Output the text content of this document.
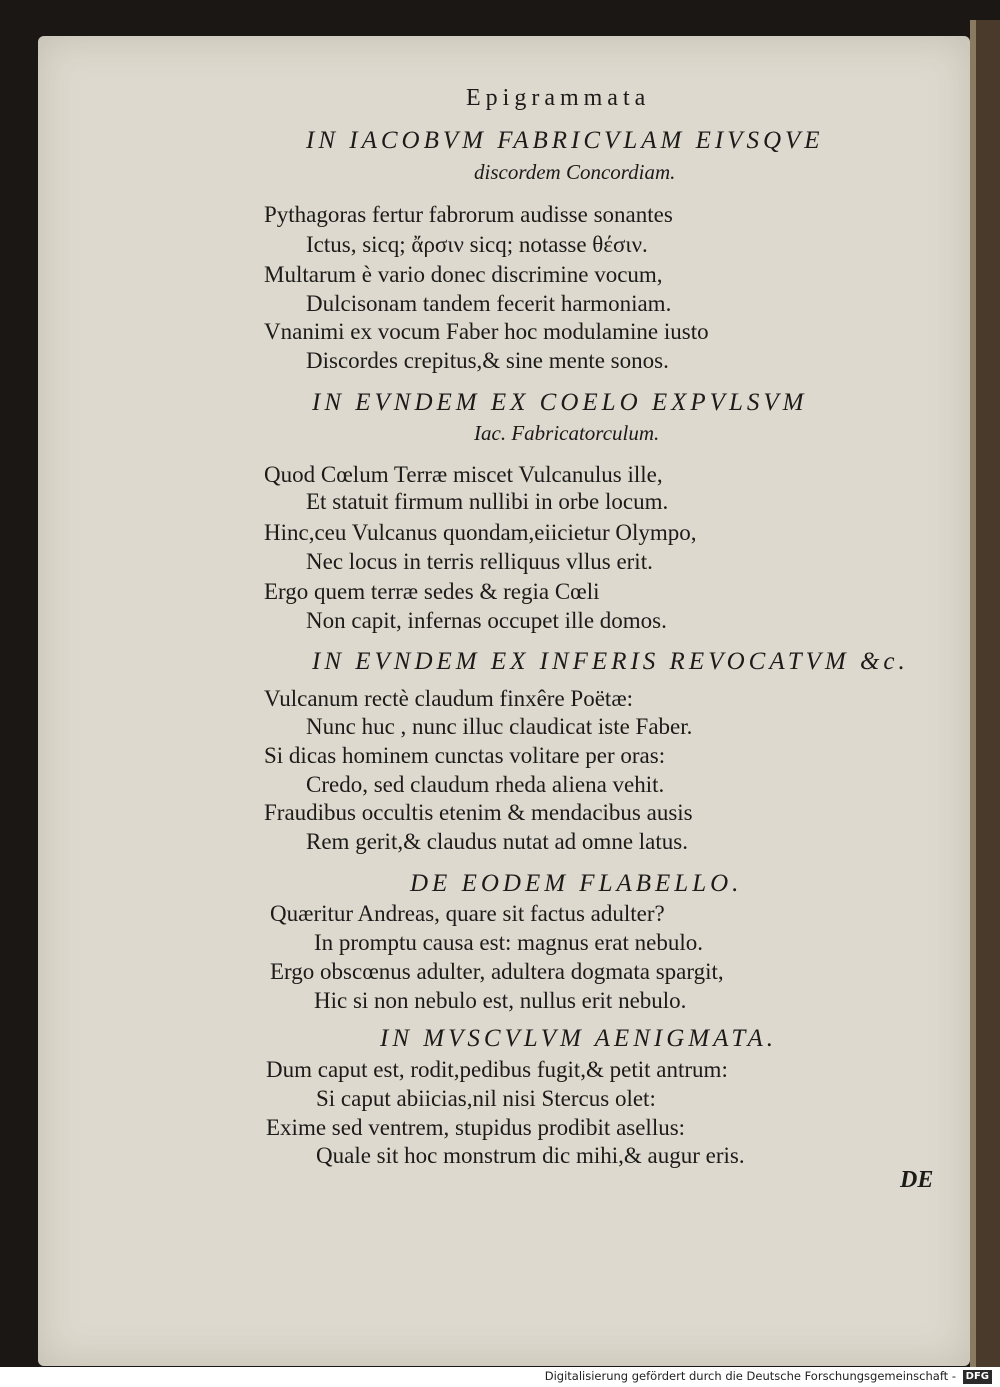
Epigrammata
IN IACOBVM FABRICVLAM EIVSQVE
discordem Concordiam.
Pythagoras fertur fabrorum audisse sonantes
Ictus, sicq; ἄρσιν sicq; notasse θέσιν.
Multarum è vario donec discrimine vocum,
Dulcisonam tandem fecerit harmoniam.
Vnanimi ex vocum Faber hoc modulamine iusto
Discordes crepitus,& sine mente sonos.
IN EVNDEM EX COELO EXPVLSVM
Iac. Fabricatorculum.
Quod Cœlum Terræ miscet Vulcanulus ille,
Et statuit firmum nullibi in orbe locum.
Hinc,ceu Vulcanus quondam,eiicietur Olympo,
Nec locus in terris relliquus vllus erit.
Ergo quem terræ sedes & regia Cœli
Non capit, infernas occupet ille domos.
IN EVNDEM EX INFERIS REVOCATVM &c.
Vulcanum rectè claudum finxêre Poëtæ:
Nunc huc , nunc illuc claudicat iste Faber.
Si dicas hominem cunctas volitare per oras:
Credo, sed claudum rheda aliena vehit.
Fraudibus occultis etenim & mendacibus ausis
Rem gerit,& claudus nutat ad omne latus.
DE EODEM FLABELLO.
Quæritur Andreas, quare sit factus adulter?
In promptu causa est: magnus erat nebulo.
Ergo obscœnus adulter, adultera dogmata spargit,
Hic si non nebulo est, nullus erit nebulo.
IN MVSCVLVM AENIGMATA.
Dum caput est, rodit,pedibus fugit,& petit antrum:
Si caput abiicias,nil nisi Stercus olet:
Exime sed ventrem, stupidus prodibit asellus:
Quale sit hoc monstrum dic mihi,& augur eris.
DE
Digitalisierung gefördert durch die Deutsche Forschungsgemeinschaft - DFG
